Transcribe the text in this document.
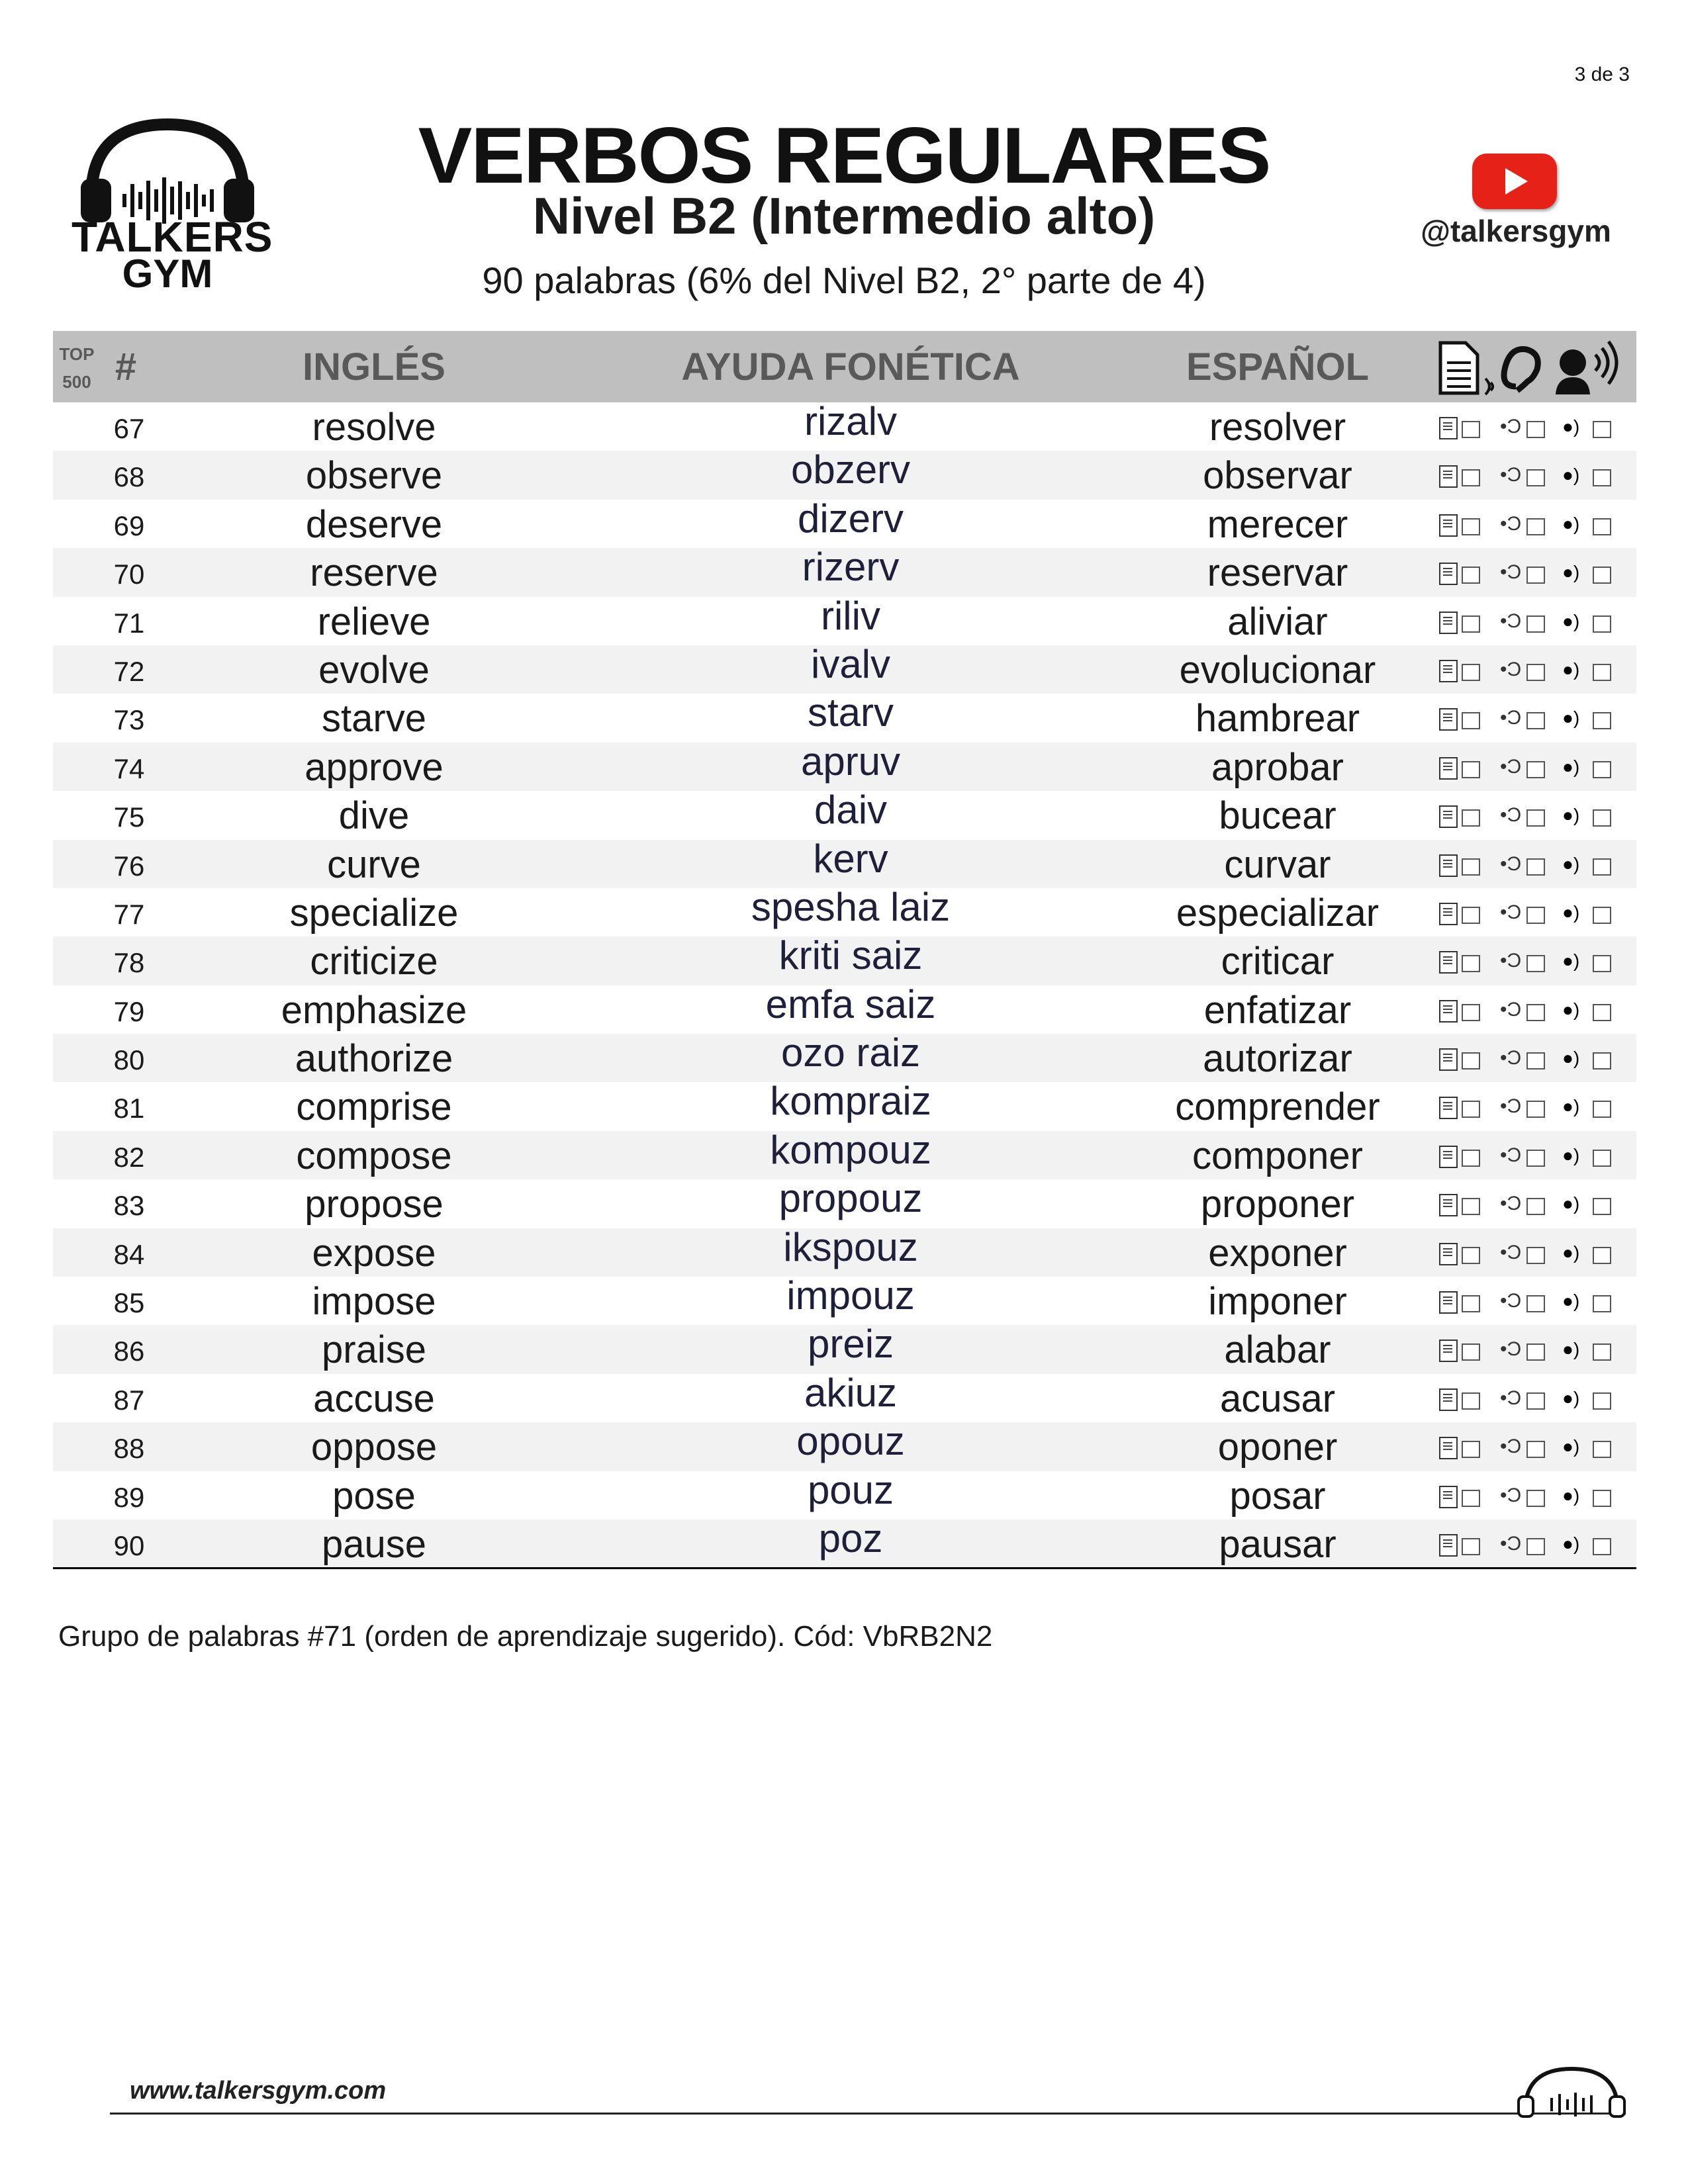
3 de 3
TALKERS
GYM
VERBOS REGULARES
Nivel B2 (Intermedio alto)
90 palabras (6% del Nivel B2, 2° parte de 4)
@talkersgym
TOP
500 #	INGLÉS	AYUDA FONÉTICA	ESPAÑOL
67	resolve	rizalv	resolver	•Ɔ ●)
68	observe	obzerv	observar	•Ɔ ●)
69	deserve	dizerv	merecer	•Ɔ ●)
70	reserve	rizerv	reservar	•Ɔ ●)
71	relieve	riliv	aliviar	•Ɔ ●)
72	evolve	ivalv	evolucionar	•Ɔ ●)
73	starve	starv	hambrear	•Ɔ ●)
74	approve	apruv	aprobar	•Ɔ ●)
75	dive	daiv	bucear	•Ɔ ●)
76	curve	kerv	curvar	•Ɔ ●)
77	specialize	spesha laiz	especializar	•Ɔ ●)
78	criticize	kriti saiz	criticar	•Ɔ ●)
79	emphasize	emfa saiz	enfatizar	•Ɔ ●)
80	authorize	ozo raiz	autorizar	•Ɔ ●)
81	comprise	kompraiz	comprender	•Ɔ ●)
82	compose	kompouz	componer	•Ɔ ●)
83	propose	propouz	proponer	•Ɔ ●)
84	expose	ikspouz	exponer	•Ɔ ●)
85	impose	impouz	imponer	•Ɔ ●)
86	praise	preiz	alabar	•Ɔ ●)
87	accuse	akiuz	acusar	•Ɔ ●)
88	oppose	opouz	oponer	•Ɔ ●)
89	pose	pouz	posar	•Ɔ ●)
90	pause	poz	pausar	•Ɔ ●)
Grupo de palabras #71 (orden de aprendizaje sugerido). Cód: VbRB2N2
www.talkersgym.com
